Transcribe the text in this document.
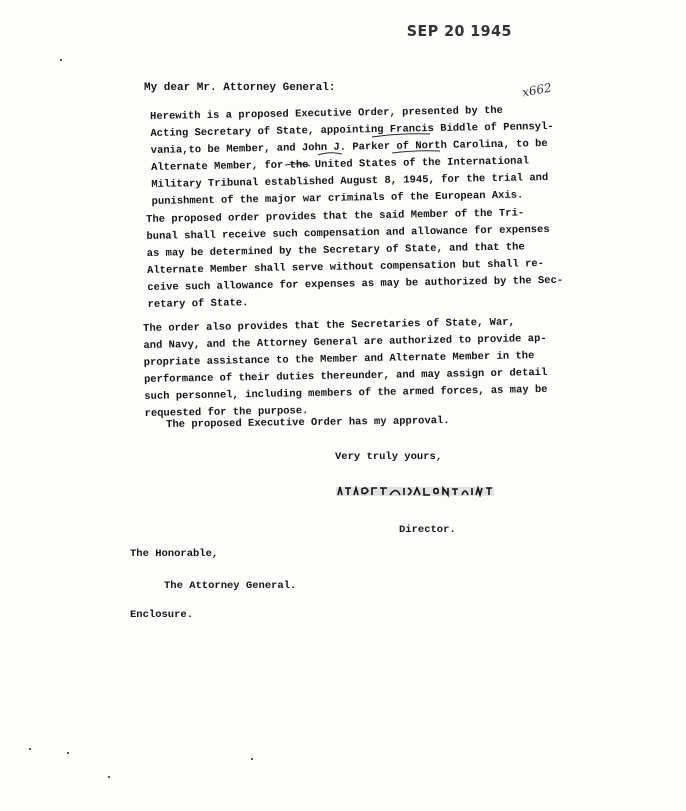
SEP 20 1945
x662
My dear Mr. Attorney General:
Herewith is a proposed Executive Order, presented by the
Acting Secretary of State, appointing Francis Biddle of Pennsyl-
vania,to be Member, and John J. Parker of North Carolina, to be
Alternate Member, for the United States of the International
Military Tribunal established August 8, 1945, for the trial and
punishment of the major war criminals of the European Axis.
The proposed order provides that the said Member of the Tri-
bunal shall receive such compensation and allowance for expenses
as may be determined by the Secretary of State, and that the
Alternate Member shall serve without compensation but shall re-
ceive such allowance for expenses as may be authorized by the Sec-
retary of State.
The order also provides that the Secretaries of State, War,
and Navy, and the Attorney General are authorized to provide ap-
propriate assistance to the Member and Alternate Member in the
performance of their duties thereunder, and may assign or detail
such personnel, including members of the armed forces, as may be
requested for the purpose.
The proposed Executive Order has my approval.
Very truly yours,
Director.
The Honorable,
The Attorney General.
Enclosure.
